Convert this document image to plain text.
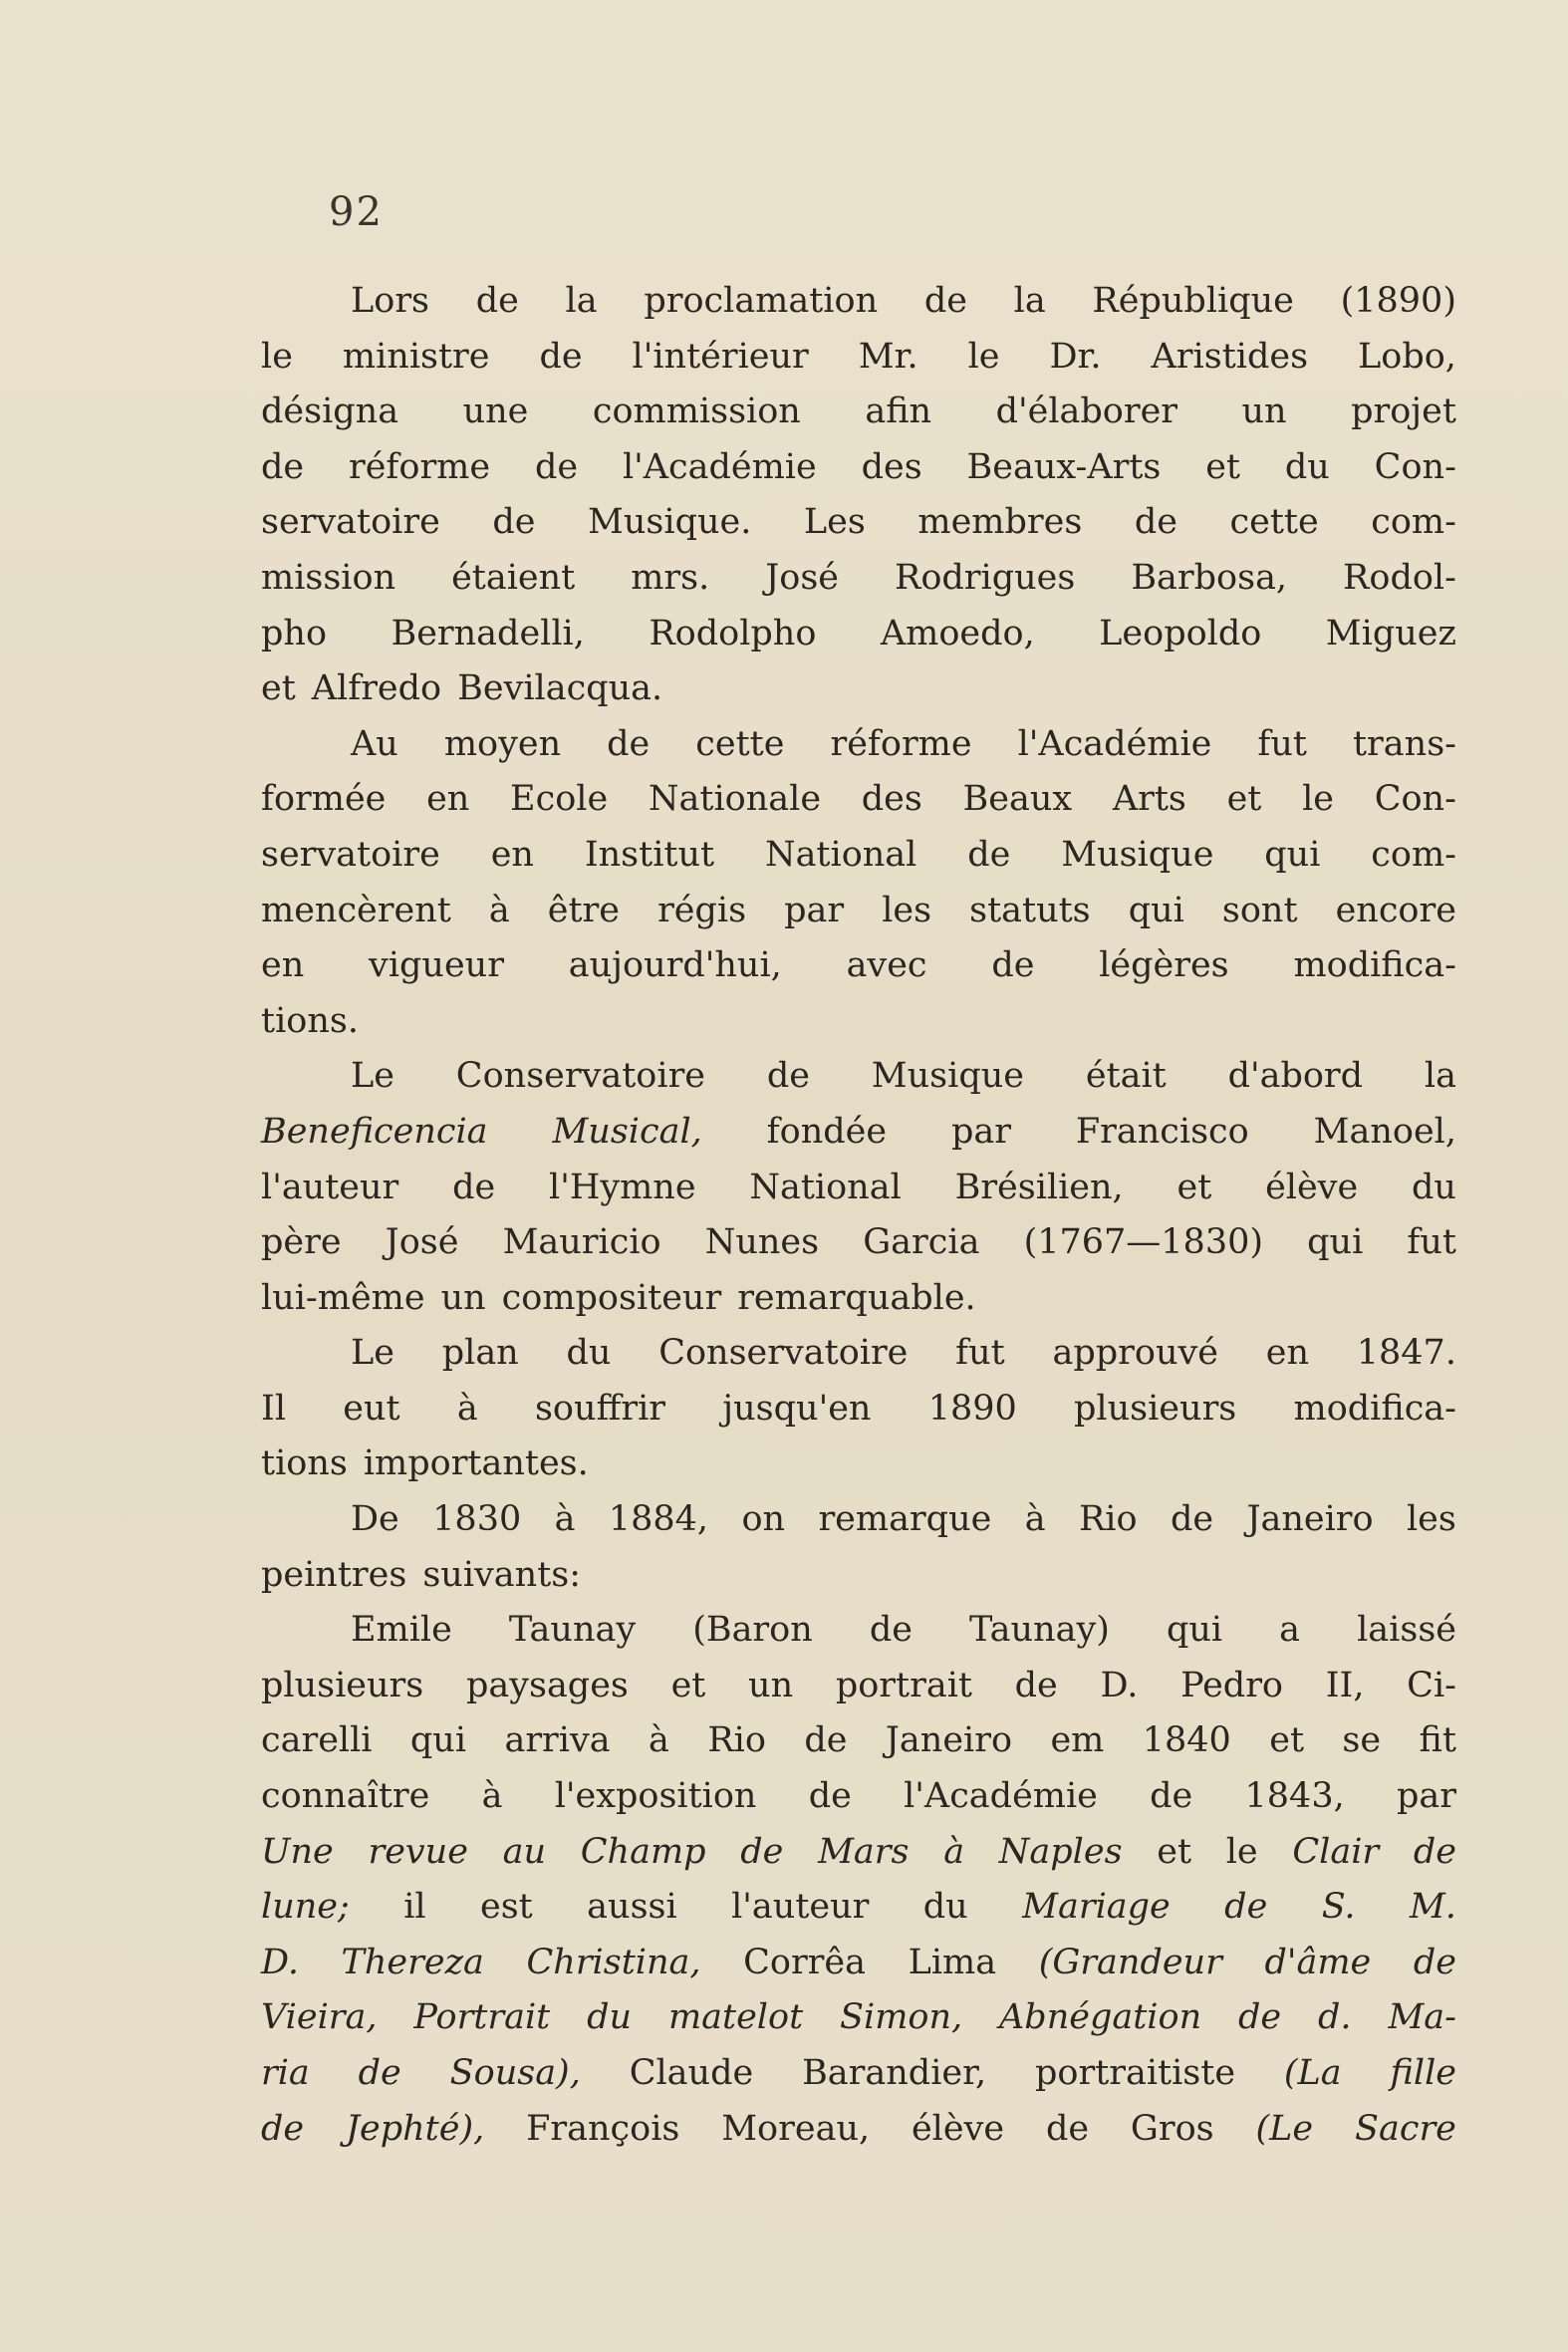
92
Lors de la proclamation de la République (1890)
le ministre de l'intérieur Mr. le Dr. Aristides Lobo,
désigna une commission afin d'élaborer un projet
de réforme de l'Académie des Beaux-Arts et du Con-
servatoire de Musique. Les membres de cette com-
mission étaient mrs. José Rodrigues Barbosa, Rodol-
pho Bernadelli, Rodolpho Amoedo, Leopoldo Miguez
et Alfredo Bevilacqua.
Au moyen de cette réforme l'Académie fut trans-
formée en Ecole Nationale des Beaux Arts et le Con-
servatoire en Institut National de Musique qui com-
mencèrent à être régis par les statuts qui sont encore
en vigueur aujourd'hui, avec de légères modifica-
tions.
Le Conservatoire de Musique était d'abord la
Beneficencia Musical, fondée par Francisco Manoel,
l'auteur de l'Hymne National Brésilien, et élève du
père José Mauricio Nunes Garcia (1767—1830) qui fut
lui-même un compositeur remarquable.
Le plan du Conservatoire fut approuvé en 1847.
Il eut à souffrir jusqu'en 1890 plusieurs modifica-
tions importantes.
De 1830 à 1884, on remarque à Rio de Janeiro les
peintres suivants:
Emile Taunay (Baron de Taunay) qui a laissé
plusieurs paysages et un portrait de D. Pedro II, Ci-
carelli qui arriva à Rio de Janeiro em 1840 et se fit
connaître à l'exposition de l'Académie de 1843, par
Une revue au Champ de Mars à Naples et le Clair de
lune; il est aussi l'auteur du Mariage de S. M.
D. Thereza Christina, Corrêa Lima (Grandeur d'âme de
Vieira, Portrait du matelot Simon, Abnégation de d. Ma-
ria de Sousa), Claude Barandier, portraitiste (La fille
de Jephté), François Moreau, élève de Gros (Le Sacre
